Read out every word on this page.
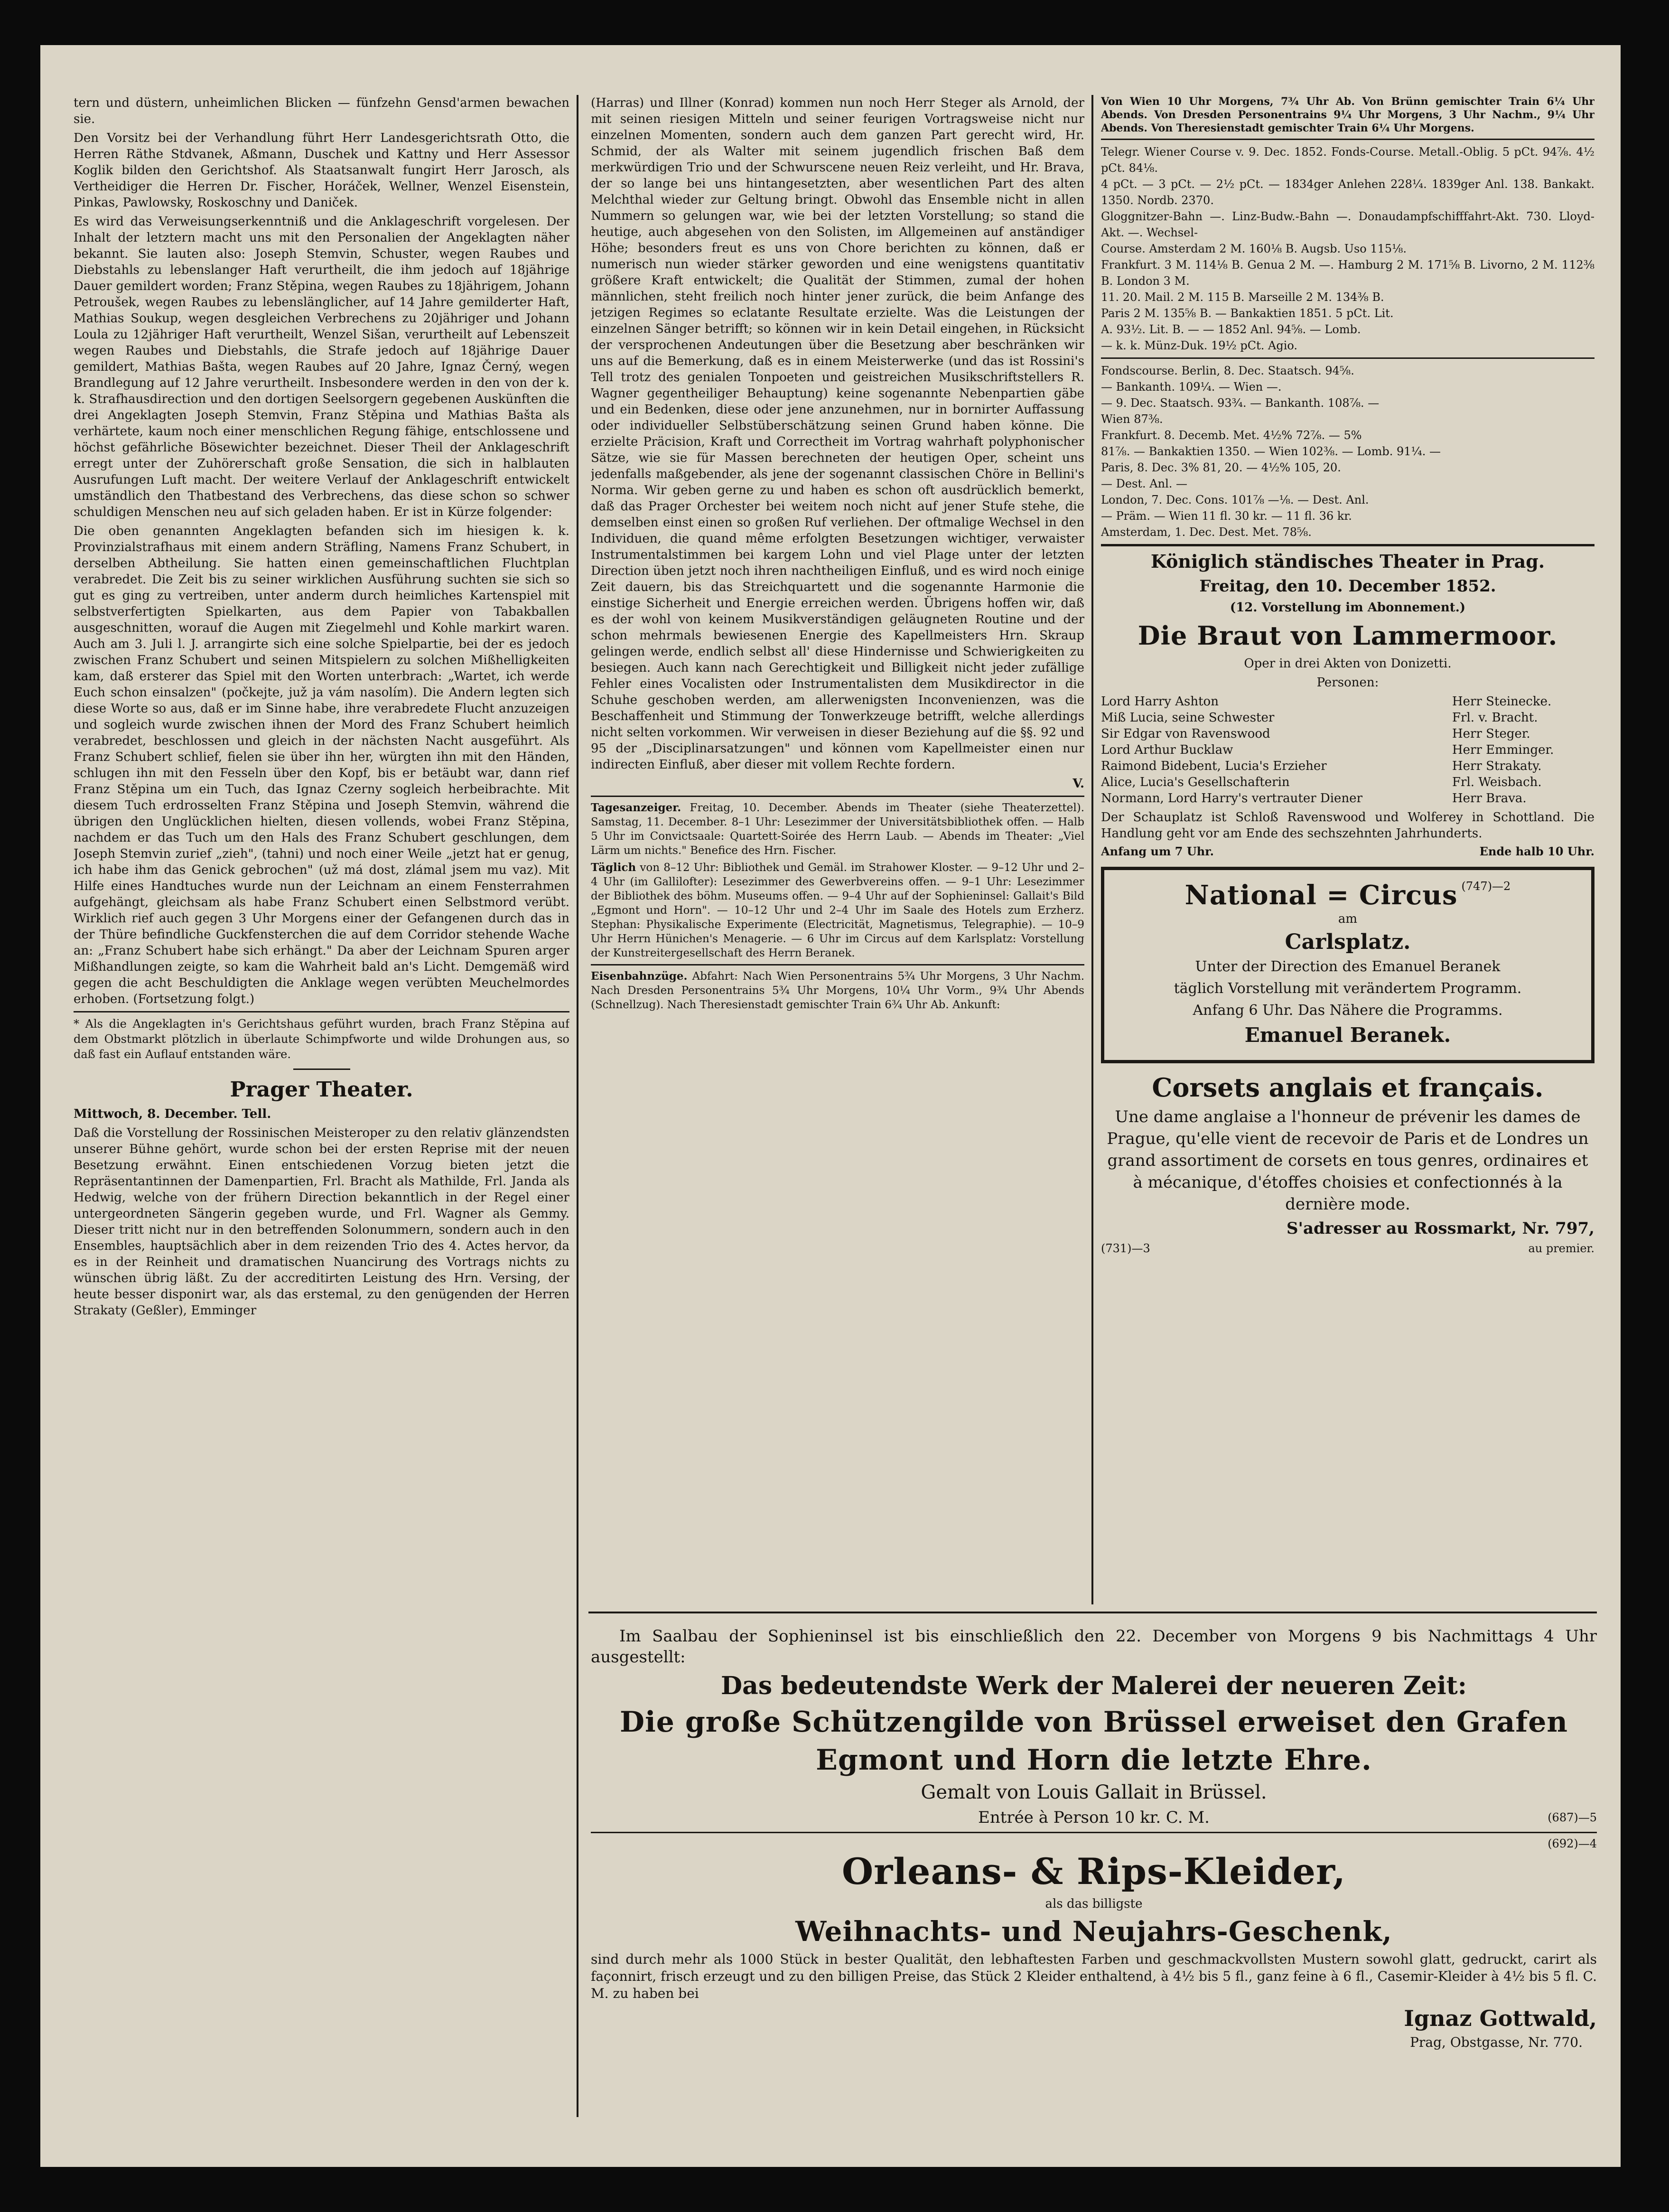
tern und düstern, unheimlichen Blicken — fünfzehn Gensd'armen bewachen sie.

Den Vorsitz bei der Verhandlung führt Herr Landesgerichtsrath Otto, die Herren Räthe Stdvanek, Aßmann, Duschek und Kattny und Herr Assessor Koglik bilden den Gerichtshof. Als Staatsanwalt fungirt Herr Jarosch, als Vertheidiger die Herren Dr. Fischer, Horáček, Wellner, Wenzel Eisenstein, Pinkas, Pawlowsky, Roskoschny und Daniček.

Es wird das Verweisungserkenntniß und die Anklageschrift vorgelesen. Der Inhalt der letztern macht uns mit den Personalien der Angeklagten näher bekannt. Sie lauten also: Joseph Stemvin, Schuster, wegen Raubes und Diebstahls zu lebenslanger Haft verurtheilt, die ihm jedoch auf 18jährige Dauer gemildert worden; Franz Stěpina, wegen Raubes zu 18jährigem, Johann Petroušek, wegen Raubes zu lebenslänglicher, auf 14 Jahre gemilderter Haft, Mathias Soukup, wegen desgleichen Verbrechens zu 20jähriger und Johann Loula zu 12jähriger Haft verurtheilt, Wenzel Sišan, verurtheilt auf Lebenszeit wegen Raubes und Diebstahls, die Strafe jedoch auf 18jährige Dauer gemildert, Mathias Bašta, wegen Raubes auf 20 Jahre, Ignaz Černý, wegen Brandlegung auf 12 Jahre verurtheilt. Insbesondere werden in den von der k. k. Strafhausdirection und den dortigen Seelsorgern gegebenen Auskünften die drei Angeklagten Joseph Stemvin, Franz Stěpina und Mathias Bašta als verhärtete, kaum noch einer menschlichen Regung fähige, entschlossene und höchst gefährliche Bösewichter bezeichnet. Dieser Theil der Anklageschrift erregt unter der Zuhörerschaft große Sensation, die sich in halblauten Ausrufungen Luft macht. Der weitere Verlauf der Anklageschrift entwickelt umständlich den Thatbestand des Verbrechens, das diese schon so schwer schuldigen Menschen neu auf sich geladen haben. Er ist in Kürze folgender:

Die oben genannten Angeklagten befanden sich im hiesigen k. k. Provinzialstrafhaus mit einem andern Sträfling, Namens Franz Schubert, in derselben Abtheilung. Sie hatten einen gemeinschaftlichen Fluchtplan verabredet. Die Zeit bis zu seiner wirklichen Ausführung suchten sie sich so gut es ging zu vertreiben, unter anderm durch heimliches Kartenspiel mit selbstverfertigten Spielkarten, aus dem Papier von Tabakballen ausgeschnitten, worauf die Augen mit Ziegelmehl und Kohle markirt waren. Auch am 3. Juli l. J. arrangirte sich eine solche Spielpartie, bei der es jedoch zwischen Franz Schubert und seinen Mitspielern zu solchen Mißhelligkeiten kam, daß ersterer das Spiel mit den Worten unterbrach: „Wartet, ich werde Euch schon einsalzen" (počkejte, juž ja vám nasolím). Die Andern legten sich diese Worte so aus, daß er im Sinne habe, ihre verabredete Flucht anzuzeigen und sogleich wurde zwischen ihnen der Mord des Franz Schubert heimlich verabredet, beschlossen und gleich in der nächsten Nacht ausgeführt. Als Franz Schubert schlief, fielen sie über ihn her, würgten ihn mit den Händen, schlugen ihn mit den Fesseln über den Kopf, bis er betäubt war, dann rief Franz Stěpina um ein Tuch, das Ignaz Czerny sogleich herbeibrachte. Mit diesem Tuch erdrosselten Franz Stěpina und Joseph Stemvin, während die übrigen den Unglücklichen hielten, diesen vollends, wobei Franz Stěpina, nachdem er das Tuch um den Hals des Franz Schubert geschlungen, dem Joseph Stemvin zurief „zieh", (tahni) und noch einer Weile „jetzt hat er genug, ich habe ihm das Genick gebrochen" (už má dost, zlámal jsem mu vaz). Mit Hilfe eines Handtuches wurde nun der Leichnam an einem Fensterrahmen aufgehängt, gleichsam als habe Franz Schubert einen Selbstmord verübt. Wirklich rief auch gegen 3 Uhr Morgens einer der Gefangenen durch das in der Thüre befindliche Guckfensterchen die auf dem Corridor stehende Wache an: „Franz Schubert habe sich erhängt." Da aber der Leichnam Spuren arger Mißhandlungen zeigte, so kam die Wahrheit bald an's Licht. Demgemäß wird gegen die acht Beschuldigten die Anklage wegen verübten Meuchelmordes erhoben. (Fortsetzung folgt.)

* Als die Angeklagten in's Gerichtshaus geführt wurden, brach Franz Stěpina auf dem Obstmarkt plötzlich in überlaute Schimpfworte und wilde Drohungen aus, so daß fast ein Auflauf entstanden wäre.

Prager Theater.

Mittwoch, 8. December. Tell.

Daß die Vorstellung der Rossinischen Meisteroper zu den relativ glänzendsten unserer Bühne gehört, wurde schon bei der ersten Reprise mit der neuen Besetzung erwähnt. Einen entschiedenen Vorzug bieten jetzt die Repräsentantinnen der Damenpartien, Frl. Bracht als Mathilde, Frl. Janda als Hedwig, welche von der frühern Direction bekanntlich in der Regel einer untergeordneten Sängerin gegeben wurde, und Frl. Wagner als Gemmy. Dieser tritt nicht nur in den betreffenden Solonummern, sondern auch in den Ensembles, hauptsächlich aber in dem reizenden Trio des 4. Actes hervor, da es in der Reinheit und dramatischen Nuancirung des Vortrags nichts zu wünschen übrig läßt. Zu der accreditirten Leistung des Hrn. Versing, der heute besser disponirt war, als das erstemal, zu den genügenden der Herren Strakaty (Geßler), Emminger

(Harras) und Illner (Konrad) kommen nun noch Herr Steger als Arnold, der mit seinen riesigen Mitteln und seiner feurigen Vortragsweise nicht nur einzelnen Momenten, sondern auch dem ganzen Part gerecht wird, Hr. Schmid, der als Walter mit seinem jugendlich frischen Baß dem merkwürdigen Trio und der Schwurscene neuen Reiz verleiht, und Hr. Brava, der so lange bei uns hintangesetzten, aber wesentlichen Part des alten Melchthal wieder zur Geltung bringt. Obwohl das Ensemble nicht in allen Nummern so gelungen war, wie bei der letzten Vorstellung; so stand die heutige, auch abgesehen von den Solisten, im Allgemeinen auf anständiger Höhe; besonders freut es uns von Chore berichten zu können, daß er numerisch nun wieder stärker geworden und eine wenigstens quantitativ größere Kraft entwickelt; die Qualität der Stimmen, zumal der hohen männlichen, steht freilich noch hinter jener zurück, die beim Anfange des jetzigen Regimes so eclatante Resultate erzielte. Was die Leistungen der einzelnen Sänger betrifft; so können wir in kein Detail eingehen, in Rücksicht der versprochenen Andeutungen über die Besetzung aber beschränken wir uns auf die Bemerkung, daß es in einem Meisterwerke (und das ist Rossini's Tell trotz des genialen Tonpoeten und geistreichen Musikschriftstellers R. Wagner gegentheiliger Behauptung) keine sogenannte Nebenpartien gäbe und ein Bedenken, diese oder jene anzunehmen, nur in bornirter Auffassung oder individueller Selbstüberschätzung seinen Grund haben könne. Die erzielte Präcision, Kraft und Correctheit im Vortrag wahrhaft polyphonischer Sätze, wie sie für Massen berechneten der heutigen Oper, scheint uns jedenfalls maßgebender, als jene der sogenannt classischen Chöre in Bellini's Norma. Wir geben gerne zu und haben es schon oft ausdrücklich bemerkt, daß das Prager Orchester bei weitem noch nicht auf jener Stufe stehe, die demselben einst einen so großen Ruf verliehen. Der oftmalige Wechsel in den Individuen, die quand même erfolgten Besetzungen wichtiger, verwaister Instrumentalstimmen bei kargem Lohn und viel Plage unter der letzten Direction üben jetzt noch ihren nachtheiligen Einfluß, und es wird noch einige Zeit dauern, bis das Streichquartett und die sogenannte Harmonie die einstige Sicherheit und Energie erreichen werden. Übrigens hoffen wir, daß es der wohl von keinem Musikverständigen geläugneten Routine und der schon mehrmals bewiesenen Energie des Kapellmeisters Hrn. Skraup gelingen werde, endlich selbst all' diese Hindernisse und Schwierigkeiten zu besiegen. Auch kann nach Gerechtigkeit und Billigkeit nicht jeder zufällige Fehler eines Vocalisten oder Instrumentalisten dem Musikdirector in die Schuhe geschoben werden, am allerwenigsten Inconvenienzen, was die Beschaffenheit und Stimmung der Tonwerkzeuge betrifft, welche allerdings nicht selten vorkommen. Wir verweisen in dieser Beziehung auf die §§. 92 und 95 der „Disciplinarsatzungen" und können vom Kapellmeister einen nur indirecten Einfluß, aber dieser mit vollem Rechte fordern.

V.

Tagesanzeiger. Freitag, 10. December. Abends im Theater (siehe Theaterzettel). Samstag, 11. December. 8–1 Uhr: Lesezimmer der Universitätsbibliothek offen. — Halb 5 Uhr im Convictsaale: Quartett-Soirée des Herrn Laub. — Abends im Theater: „Viel Lärm um nichts." Benefice des Hrn. Fischer.

Täglich von 8–12 Uhr: Bibliothek und Gemäl. im Strahower Kloster. — 9–12 Uhr und 2–4 Uhr (im Gallilofter): Lesezimmer des Gewerbvereins offen. — 9–1 Uhr: Lesezimmer der Bibliothek des böhm. Museums offen. — 9–4 Uhr auf der Sophieninsel: Gallait's Bild „Egmont und Horn". — 10–12 Uhr und 2–4 Uhr im Saale des Hotels zum Erzherz. Stephan: Physikalische Experimente (Electricität, Magnetismus, Telegraphie). — 10–9 Uhr Herrn Hünichen's Menagerie. — 6 Uhr im Circus auf dem Karlsplatz: Vorstellung der Kunstreitergesellschaft des Herrn Beranek.

Eisenbahnzüge. Abfahrt: Nach Wien Personentrains 5¾ Uhr Morgens, 3 Uhr Nachm. Nach Dresden Personentrains 5¾ Uhr Morgens, 10¼ Uhr Vorm., 9¾ Uhr Abends (Schnellzug). Nach Theresienstadt gemischter Train 6¾ Uhr Ab. Ankunft:

Von Wien 10 Uhr Morgens, 7¾ Uhr Ab. Von Brünn gemischter Train 6¼ Uhr Abends. Von Dresden Personentrains 9¼ Uhr Morgens, 3 Uhr Nachm., 9¼ Uhr Abends. Von Theresienstadt gemischter Train 6¼ Uhr Morgens.

Telegr. Wiener Course v. 9. Dec. 1852. Fonds-Course. Metall.-Oblig. 5 pCt. 94⅞. 4½ pCt. 84⅛.

4 pCt. — 3 pCt. — 2½ pCt. — 1834ger Anlehen 228¼. 1839ger Anl. 138. Bankakt. 1350. Nordb. 2370.

Gloggnitzer-Bahn —. Linz-Budw.-Bahn —. Donaudampfschifffahrt-Akt. 730. Lloyd-Akt. —. Wechsel-

Course. Amsterdam 2 M. 160⅛ B. Augsb. Uso 115⅛.

Frankfurt. 3 M. 114⅛ B. Genua 2 M. —. Hamburg 2 M. 171⅝ B. Livorno, 2 M. 112⅜ B. London 3 M.

11. 20. Mail. 2 M. 115 B. Marseille 2 M. 134⅜ B.

Paris 2 M. 135⅝ B. — Bankaktien 1851. 5 pCt. Lit.

A. 93½. Lit. B. — — 1852 Anl. 94⅝. — Lomb.

— k. k. Münz-Duk. 19½ pCt. Agio.

Fondscourse. Berlin, 8. Dec. Staatsch. 94⅝.

— Bankanth. 109¼. — Wien —.

— 9. Dec. Staatsch. 93¾. — Bankanth. 108⅞. —

Wien 87⅜.

Frankfurt. 8. Decemb. Met. 4½% 72⅞. — 5%

81⅞. — Bankaktien 1350. — Wien 102⅜. — Lomb. 91¼. —

Paris, 8. Dec. 3% 81, 20. — 4½% 105, 20.

— Dest. Anl. —

London, 7. Dec. Cons. 101⅞ —⅛. — Dest. Anl.

— Präm. — Wien 11 fl. 30 kr. — 11 fl. 36 kr.

Amsterdam, 1. Dec. Dest. Met. 78⅝.

Königlich ständisches Theater in Prag.

Freitag, den 10. December 1852.

(12. Vorstellung im Abonnement.)

Die Braut von Lammermoor.

Oper in drei Akten von Donizetti.

Personen:

Lord Harry Ashton	Herr Steinecke.
Miß Lucia, seine Schwester	Frl. v. Bracht.
Sir Edgar von Ravenswood	Herr Steger.
Lord Arthur Bucklaw	Herr Emminger.
Raimond Bidebent, Lucia's Erzieher	Herr Strakaty.
Alice, Lucia's Gesellschafterin	Frl. Weisbach.
Normann, Lord Harry's vertrauter Diener	Herr Brava.

Der Schauplatz ist Schloß Ravenswood und Wolferey in Schottland. Die Handlung geht vor am Ende des sechszehnten Jahrhunderts.

Anfang um 7 Uhr.	Ende halb 10 Uhr.
National = Circus (747)—2

am

Carlsplatz.

Unter der Direction des Emanuel Beranek

täglich Vorstellung mit verändertem Programm.

Anfang 6 Uhr. Das Nähere die Programms.

Emanuel Beranek.

Corsets anglais et français.

Une dame anglaise a l'honneur de prévenir les dames de Prague, qu'elle vient de recevoir de Paris et de Londres un grand assortiment de corsets en tous genres, ordinaires et à mécanique, d'étoffes choisies et confectionnés à la dernière mode.

S'adresser au Rossmarkt, Nr. 797,

(731)—3	au premier.

Im Saalbau der Sophieninsel ist bis einschließlich den 22. December von Morgens 9 bis Nachmittags 4 Uhr ausgestellt:

Das bedeutendste Werk der Malerei der neueren Zeit:

Die große Schützengilde von Brüssel erweiset den Grafen

Egmont und Horn die letzte Ehre.

Gemalt von Louis Gallait in Brüssel.

Entrée à Person 10 kr. C. M.	(687)—5
(692)—4

Orleans- & Rips-Kleider,

als das billigste

Weihnachts- und Neujahrs-Geschenk,

sind durch mehr als 1000 Stück in bester Qualität, den lebhaftesten Farben und geschmackvollsten Mustern sowohl glatt, gedruckt, carirt als façonnirt, frisch erzeugt und zu den billigen Preise, das Stück 2 Kleider enthaltend, à 4½ bis 5 fl., ganz feine à 6 fl., Casemir-Kleider à 4½ bis 5 fl. C. M. zu haben bei

Ignaz Gottwald,

Prag, Obstgasse, Nr. 770.
